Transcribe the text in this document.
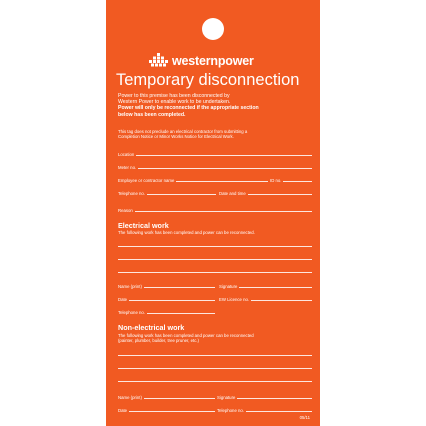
westernpower
Temporary disconnection
Power to this premise has been disconnected by
Western Power to enable work to be undertaken.
Power will only be reconnected if the appropriate section
below has been completed.
This tag does not preclude an electrical contractor from submitting a
Completion Notice or Minor Works Notice for Electrical Work.
Location
Meter no.
Employee or contractor name	ID no.
Telephone no.	Date and time
Reason
Electrical work
The following work has been completed and power can be reconnected.
Name (print)	Signature
Date	EW Licence no.
Telephone no.
Non-electrical work
The following work has been completed and power can be reconnected
(painter, plumber, builder, tree pruner, etc.)
Name (print)	Signature
Date	Telephone no.
05/11
